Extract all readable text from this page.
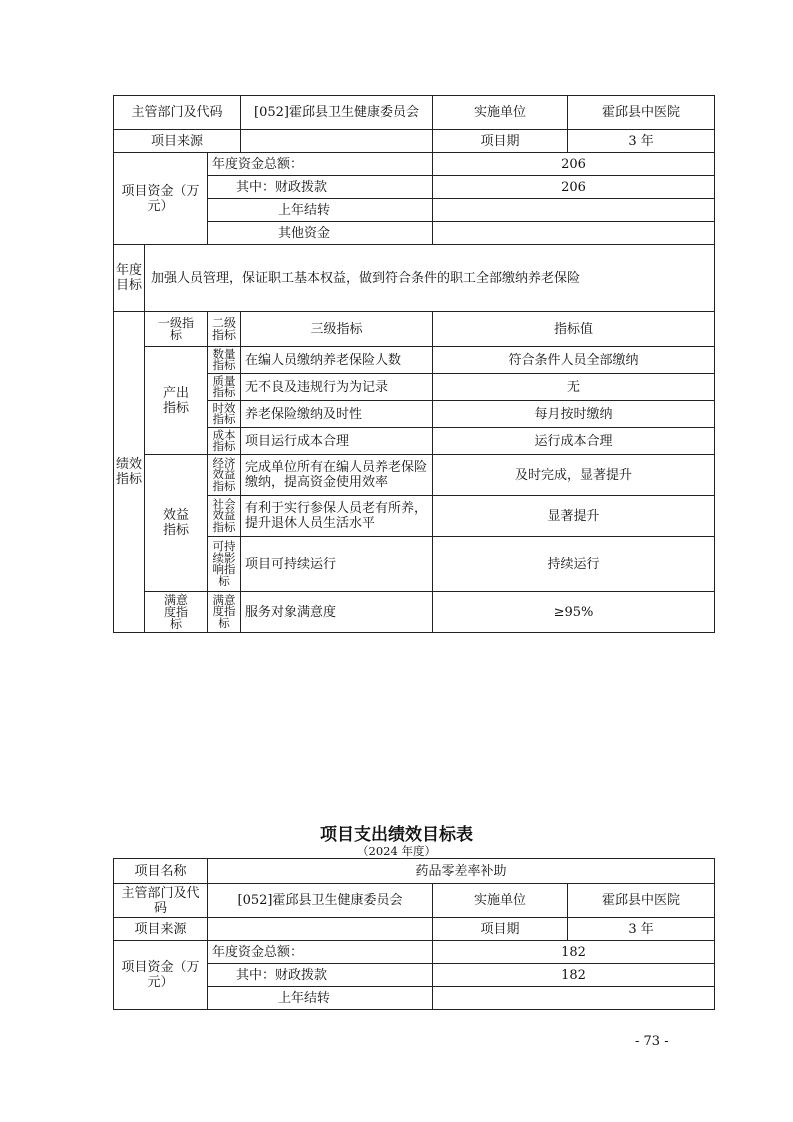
主管部门及代码			[052]霍邱县卫生健康委员会	实施单位	霍邱县中医院
项目来源				项目期	3 年
项目资金（万元）		年度资金总额：		206	
		其中：财政拨款		206	
		上年结转			
		其他资金			
年度目标	加强人员管理，保证职工基本权益，做到符合条件的职工全部缴纳养老保险				
绩效指标	一级指标	二级指标	三级指标	指标值	
	产出指标	数量指标	在编人员缴纳养老保险人数	符合条件人员全部缴纳	
		质量指标	无不良及违规行为为记录	无	
		时效指标	养老保险缴纳及时性	每月按时缴纳	
		成本指标	项目运行成本合理	运行成本合理	
	效益指标	经济效益指标	完成单位所有在编人员养老保险缴纳，提高资金使用效率	及时完成，显著提升	
		社会效益指标	有利于实行参保人员老有所养，提升退休人员生活水平	显著提升	
		可持续影响指标	项目可持续运行	持续运行	
	满意度指标	满意度指标	服务对象满意度	≥95%	
项目支出绩效目标表
（2024 年度）
项目名称	药品零差率补助		
主管部门及代码	[052]霍邱县卫生健康委员会	实施单位	霍邱县中医院
项目来源		项目期	3 年
项目资金（万元）	年度资金总额：	182	
	其中：财政拨款	182	
	上年结转		
- 73 -
